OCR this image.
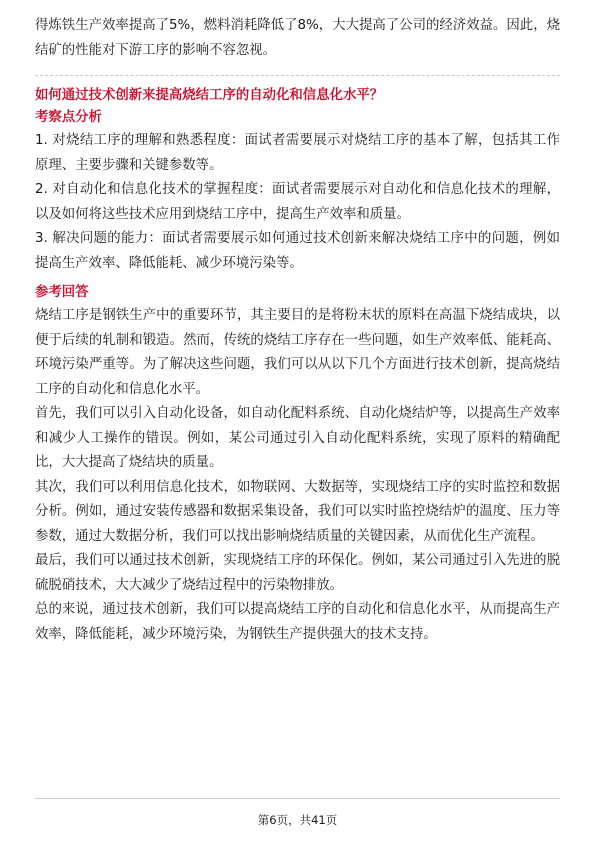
得炼铁生产效率提高了5%，燃料消耗降低了8%，大大提高了公司的经济效益。因此，烧结矿的性能对下游工序的影响不容忽视。

如何通过技术创新来提高烧结工序的自动化和信息化水平？

考察点分析

1. 对烧结工序的理解和熟悉程度：面试者需要展示对烧结工序的基本了解，包括其工作原理、主要步骤和关键参数等。

2. 对自动化和信息化技术的掌握程度：面试者需要展示对自动化和信息化技术的理解，以及如何将这些技术应用到烧结工序中，提高生产效率和质量。

3. 解决问题的能力：面试者需要展示如何通过技术创新来解决烧结工序中的问题，例如提高生产效率、降低能耗、减少环境污染等。

参考回答

烧结工序是钢铁生产中的重要环节，其主要目的是将粉末状的原料在高温下烧结成块，以便于后续的轧制和锻造。然而，传统的烧结工序存在一些问题，如生产效率低、能耗高、环境污染严重等。为了解决这些问题，我们可以从以下几个方面进行技术创新，提高烧结工序的自动化和信息化水平。

首先，我们可以引入自动化设备，如自动化配料系统、自动化烧结炉等，以提高生产效率和减少人工操作的错误。例如，某公司通过引入自动化配料系统，实现了原料的精确配比，大大提高了烧结块的质量。

其次，我们可以利用信息化技术，如物联网、大数据等，实现烧结工序的实时监控和数据分析。例如，通过安装传感器和数据采集设备，我们可以实时监控烧结炉的温度、压力等参数，通过大数据分析，我们可以找出影响烧结质量的关键因素，从而优化生产流程。

最后，我们可以通过技术创新，实现烧结工序的环保化。例如，某公司通过引入先进的脱硫脱硝技术，大大减少了烧结过程中的污染物排放。

总的来说，通过技术创新，我们可以提高烧结工序的自动化和信息化水平，从而提高生产效率，降低能耗，减少环境污染，为钢铁生产提供强大的技术支持。

第6页，共41页
